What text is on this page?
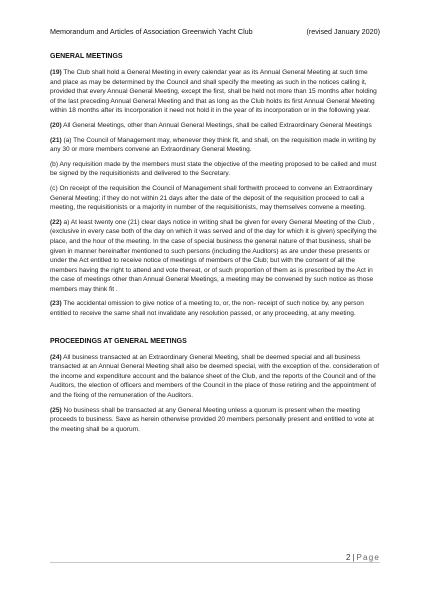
Memorandum and Articles of Association Greenwich Yacht Club	(revised January 2020)
GENERAL MEETINGS

(19) The Club shall hold a General Meeting in every calendar year as its Annual General Meeting at such time and place as may be determined by the Council and shall specify the meeting as such in the notices calling it, provided that every Annual General Meeting, except the first, shall be held not more than 15 months after holding of the last preceding Annual General Meeting and that as long as the Club holds its first Annual General Meeting within 18 months after its Incorporation it need not hold it in the year of its incorporation or in the following year.

(20) All General Meetings, other than Annual General Meetings, shall be called Extraordinary General Meetings

(21) (a) The Council of Management may, whenever they think fit, and shall, on the requisition made in writing by any 30 or more members convene an Extraordinary General Meeting.

(b) Any requisition made by the members must state the objective of the meeting proposed to be called and must be signed by the requisitionists and delivered to the Secretary.

(c) On receipt of the requisition the Council of Management shall forthwith proceed to convene an Extraordinary General Meeting; if they do not within 21 days after the date of the deposit of the requisition proceed to call a meeting, the requisitionists or a majority in number of the requisitionists, may themselves convene a meeting.

(22) a) At least twenty one (21) clear days notice in writing shall be given for every General Meeting of the Club , (exclusive in every case both of the day on which it was served and of the day for which it is given) specifying the place, and the hour of the meeting. In the case of special business the general nature of that business, shall be given in manner hereinafter mentioned to such persons (including the Auditors) as are under these presents or under the Act entitled to receive notice of meetings of members of the Club; but with the consent of all the members having the right to attend and vote thereat, or of such proportion of them as is prescribed by the Act in the case of meetings other than Annual General Meetings, a meeting may be convened by such notice as those members may think fit .

(23) The accidental omission to give notice of a meeting to, or, the non- receipt of such notice by, any person entitled to receive the same shall not invalidate any resolution passed, or any proceeding, at any meeting.

PROCEEDINGS AT GENERAL MEETINGS

(24) All business transacted at an Extraordinary General Meeting, shall be deemed special and all business transacted at an Annual General Meeting shall also be deemed special, with the exception of the. consideration of the income and expenditure account and the balance sheet of the Club, and the reports of the Council and of the Auditors, the election of officers and members of the Council in the place of those retiring and the appointment of and the fixing of the remuneration of the Auditors.

(25) No business shall be transacted at any General Meeting unless a quorum is present when the meeting proceeds to business. Save as herein otherwise provided 20 members personally present and entitled to vote at the meeting shall be a quorum.

2 | Page
